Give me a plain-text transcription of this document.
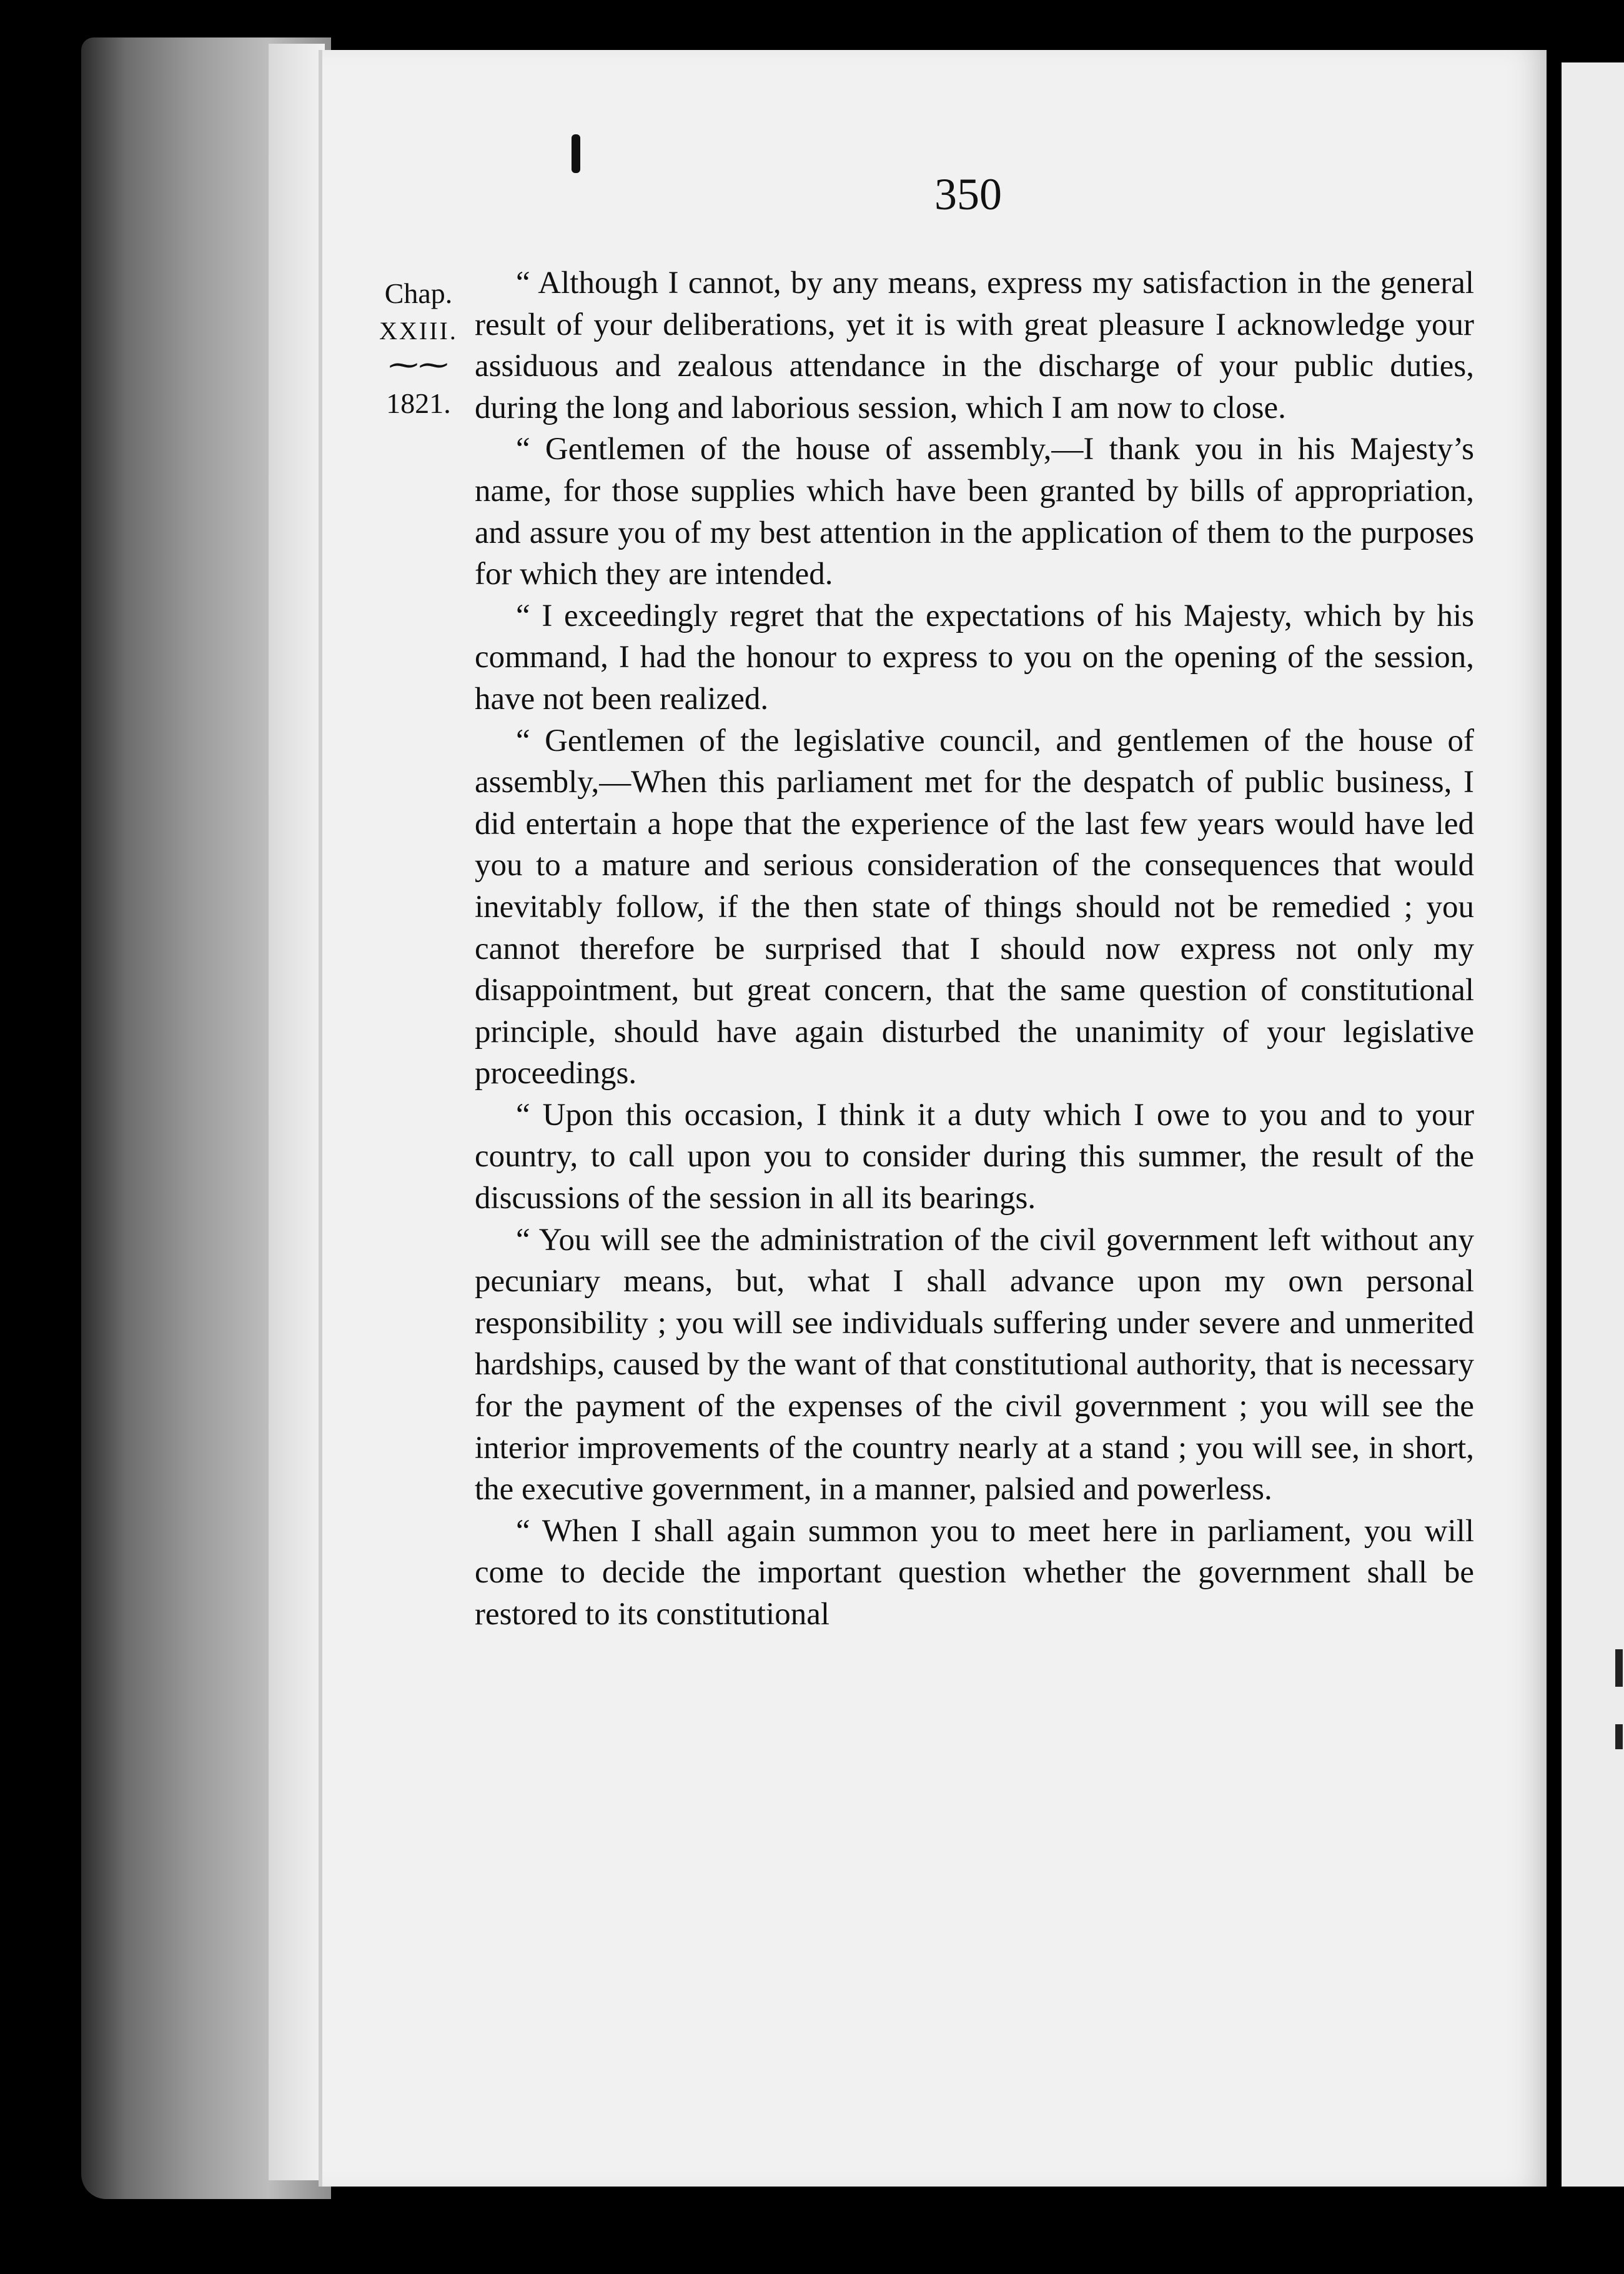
350
Chap.
XXIII.
⁓⁓
1821.

“ Although I cannot, by any means, express my satisfaction in the general result of your deliberations, yet it is with great pleasure I acknowledge your assiduous and zealous attendance in the discharge of your public duties, during the long and laborious session, which I am now to close.

“ Gentlemen of the house of assembly,—I thank you in his Majesty’s name, for those supplies which have been granted by bills of appropriation, and assure you of my best attention in the application of them to the purposes for which they are intended.

“ I exceedingly regret that the expectations of his Majesty, which by his command, I had the honour to express to you on the opening of the session, have not been realized.

“ Gentlemen of the legislative council, and gentlemen of the house of assembly,—When this parliament met for the despatch of public business, I did entertain a hope that the experience of the last few years would have led you to a mature and serious consideration of the consequences that would inevitably follow, if the then state of things should not be remedied ; you cannot therefore be surprised that I should now express not only my disappointment, but great concern, that the same question of constitutional principle, should have again disturbed the unanimity of your legislative proceedings.

“ Upon this occasion, I think it a duty which I owe to you and to your country, to call upon you to consider during this summer, the result of the discussions of the session in all its bearings.

“ You will see the administration of the civil government left without any pecuniary means, but, what I shall advance upon my own personal responsibility ; you will see individuals suffering under severe and unmerited hardships, caused by the want of that constitutional authority, that is necessary for the payment of the expenses of the civil government ; you will see the interior improvements of the country nearly at a stand ; you will see, in short, the executive government, in a manner, palsied and powerless.

“ When I shall again summon you to meet here in parliament, you will come to decide the important question whether the government shall be restored to its constitutional
